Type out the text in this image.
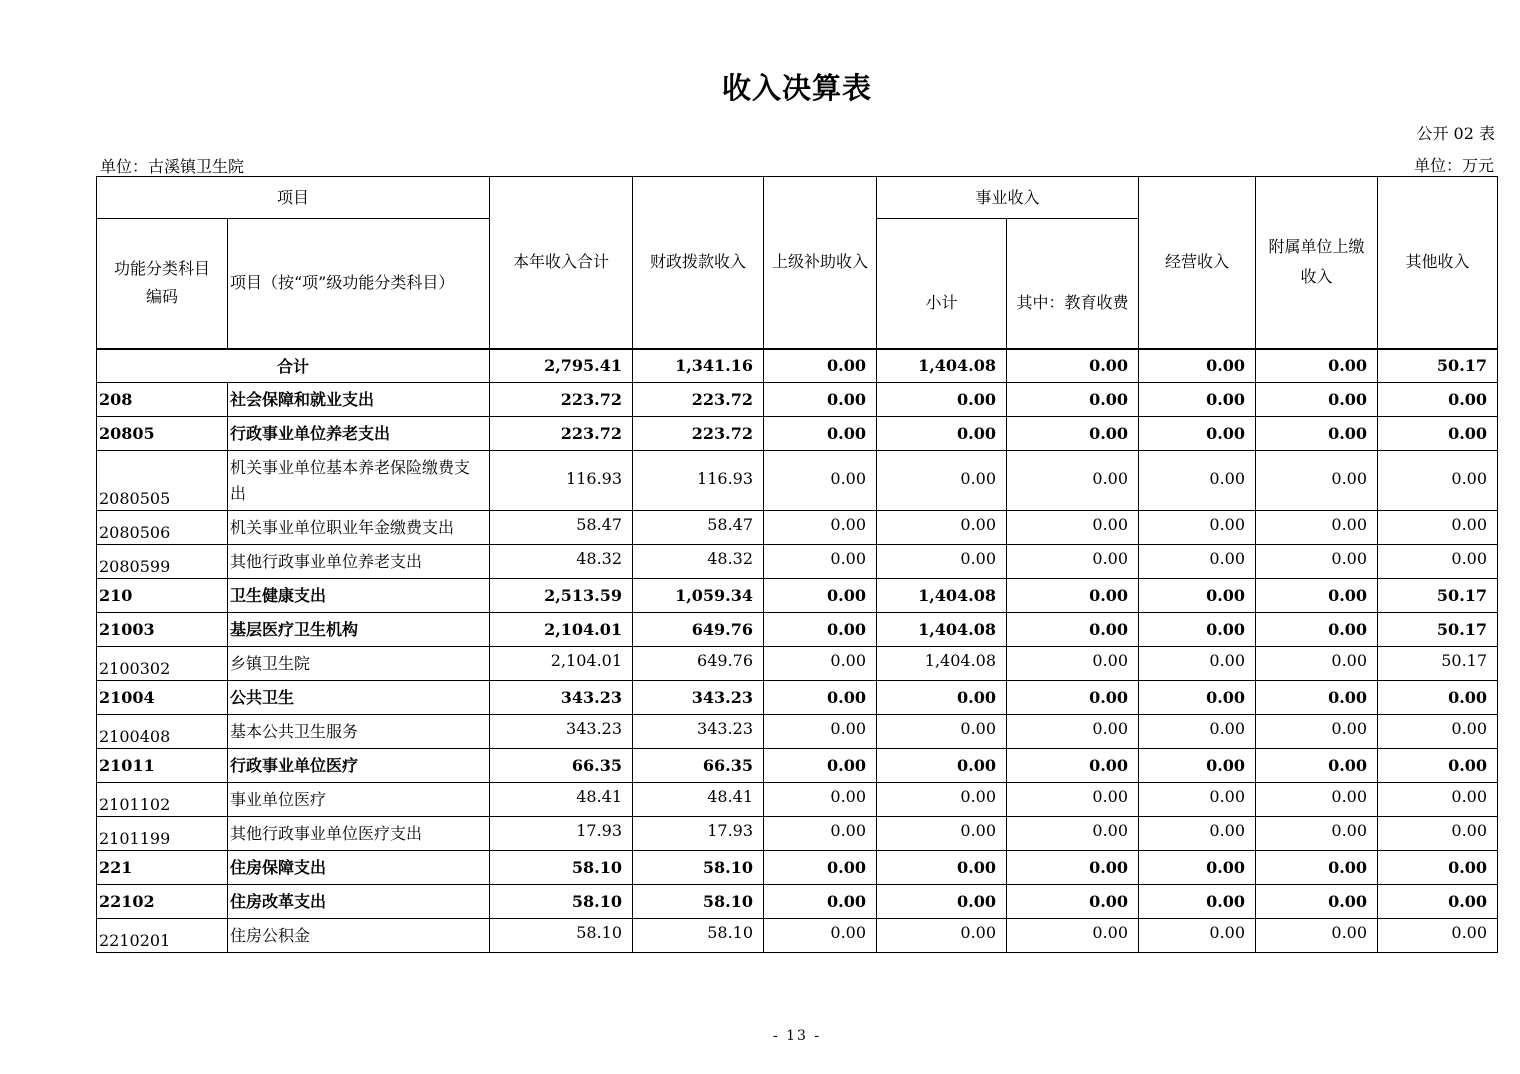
收入决算表
公开 02 表
单位：古溪镇卫生院	单位：万元
项目		本年收入合计	财政拨款收入	上级补助收入	事业收入		经营收入	附属单位上缴收入	其他收入
功能分类科目编码	项目（按“项”级功能分类科目）				小计	其中：教育收费			
合计		2,795.41	1,341.16	0.00	1,404.08	0.00	0.00	0.00	50.17
208	社会保障和就业支出	223.72	223.72	0.00	0.00	0.00	0.00	0.00	0.00
20805	行政事业单位养老支出	223.72	223.72	0.00	0.00	0.00	0.00	0.00	0.00
2080505	机关事业单位基本养老保险缴费支出	116.93	116.93	0.00	0.00	0.00	0.00	0.00	0.00
2080506	机关事业单位职业年金缴费支出	58.47	58.47	0.00	0.00	0.00	0.00	0.00	0.00
2080599	其他行政事业单位养老支出	48.32	48.32	0.00	0.00	0.00	0.00	0.00	0.00
210	卫生健康支出	2,513.59	1,059.34	0.00	1,404.08	0.00	0.00	0.00	50.17
21003	基层医疗卫生机构	2,104.01	649.76	0.00	1,404.08	0.00	0.00	0.00	50.17
2100302	乡镇卫生院	2,104.01	649.76	0.00	1,404.08	0.00	0.00	0.00	50.17
21004	公共卫生	343.23	343.23	0.00	0.00	0.00	0.00	0.00	0.00
2100408	基本公共卫生服务	343.23	343.23	0.00	0.00	0.00	0.00	0.00	0.00
21011	行政事业单位医疗	66.35	66.35	0.00	0.00	0.00	0.00	0.00	0.00
2101102	事业单位医疗	48.41	48.41	0.00	0.00	0.00	0.00	0.00	0.00
2101199	其他行政事业单位医疗支出	17.93	17.93	0.00	0.00	0.00	0.00	0.00	0.00
221	住房保障支出	58.10	58.10	0.00	0.00	0.00	0.00	0.00	0.00
22102	住房改革支出	58.10	58.10	0.00	0.00	0.00	0.00	0.00	0.00
2210201	住房公积金	58.10	58.10	0.00	0.00	0.00	0.00	0.00	0.00
- 13 -
